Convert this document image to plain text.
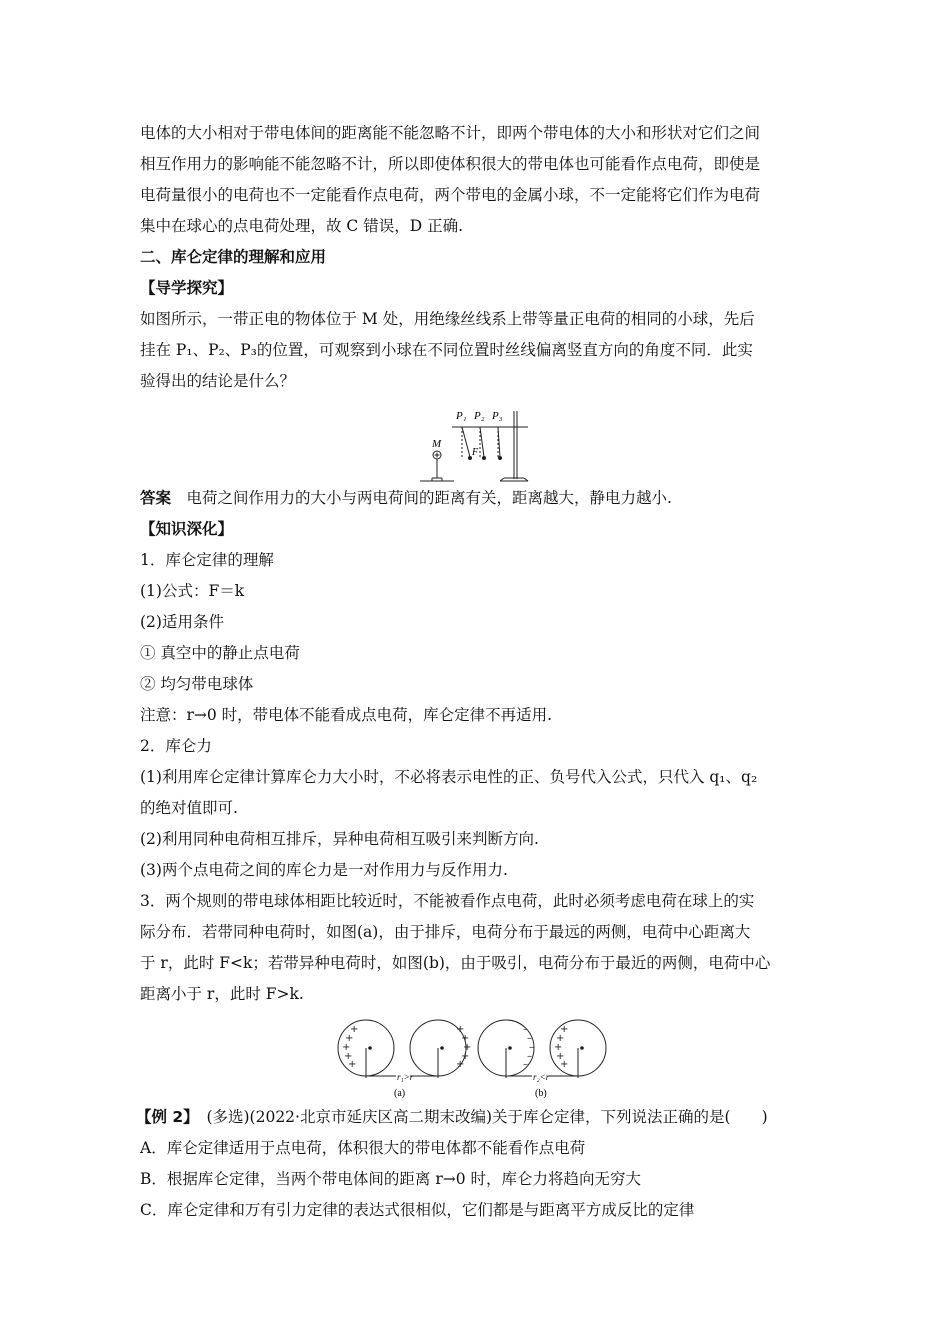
电体的大小相对于带电体间的距离能不能忽略不计，即两个带电体的大小和形状对它们之间

相互作用力的影响能不能忽略不计，所以即使体积很大的带电体也可能看作点电荷，即使是

电荷量很小的电荷也不一定能看作点电荷，两个带电的金属小球，不一定能将它们作为电荷

集中在球心的点电荷处理，故 C 错误，D 正确.

二、库仑定律的理解和应用

【导学探究】

如图所示，一带正电的物体位于 M 处，用绝缘丝线系上带等量正电荷的相同的小球，先后

挂在 P₁、P₂、P₃的位置，可观察到小球在不同位置时丝线偏离竖直方向的角度不同．此实

验得出的结论是什么？

P₁ P₂ P₃
M
F

答案　 电荷之间作用力的大小与两电荷间的距离有关，距离越大，静电力越小.

【知识深化】

1．库仑定律的理解

(1)公式：F＝k

(2)适用条件

① 真空中的静止点电荷

② 均匀带电球体

注意：r→0 时，带电体不能看成点电荷，库仑定律不再适用.

2．库仑力

(1)利用库仑定律计算库仑力大小时，不必将表示电性的正、负号代入公式，只代入 q₁、q₂

的绝对值即可.

(2)利用同种电荷相互排斥，异种电荷相互吸引来判断方向.

(3)两个点电荷之间的库仑力是一对作用力与反作用力.

3．两个规则的带电球体相距比较近时，不能被看作点电荷，此时必须考虑电荷在球上的实

际分布．若带同种电荷时，如图(a)，由于排斥，电荷分布于最远的两侧，电荷中心距离大

于 r，此时 F<k；若带异种电荷时，如图(b)，由于吸引，电荷分布于最近的两侧，电荷中心

距离小于 r，此时 F>k.

+
+
+
+
+
+
+
+
+
+
–
–
–
–
–
+
+
+
+
+
r₁>r	r₂<r
(a)	(b)

【例 2】　 (多选)(2022·北京市延庆区高二期末改编)关于库仑定律，下列说法正确的是(　　)

A．库仑定律适用于点电荷，体积很大的带电体都不能看作点电荷

B．根据库仑定律，当两个带电体间的距离 r→0 时，库仑力将趋向无穷大

C．库仑定律和万有引力定律的表达式很相似，它们都是与距离平方成反比的定律
